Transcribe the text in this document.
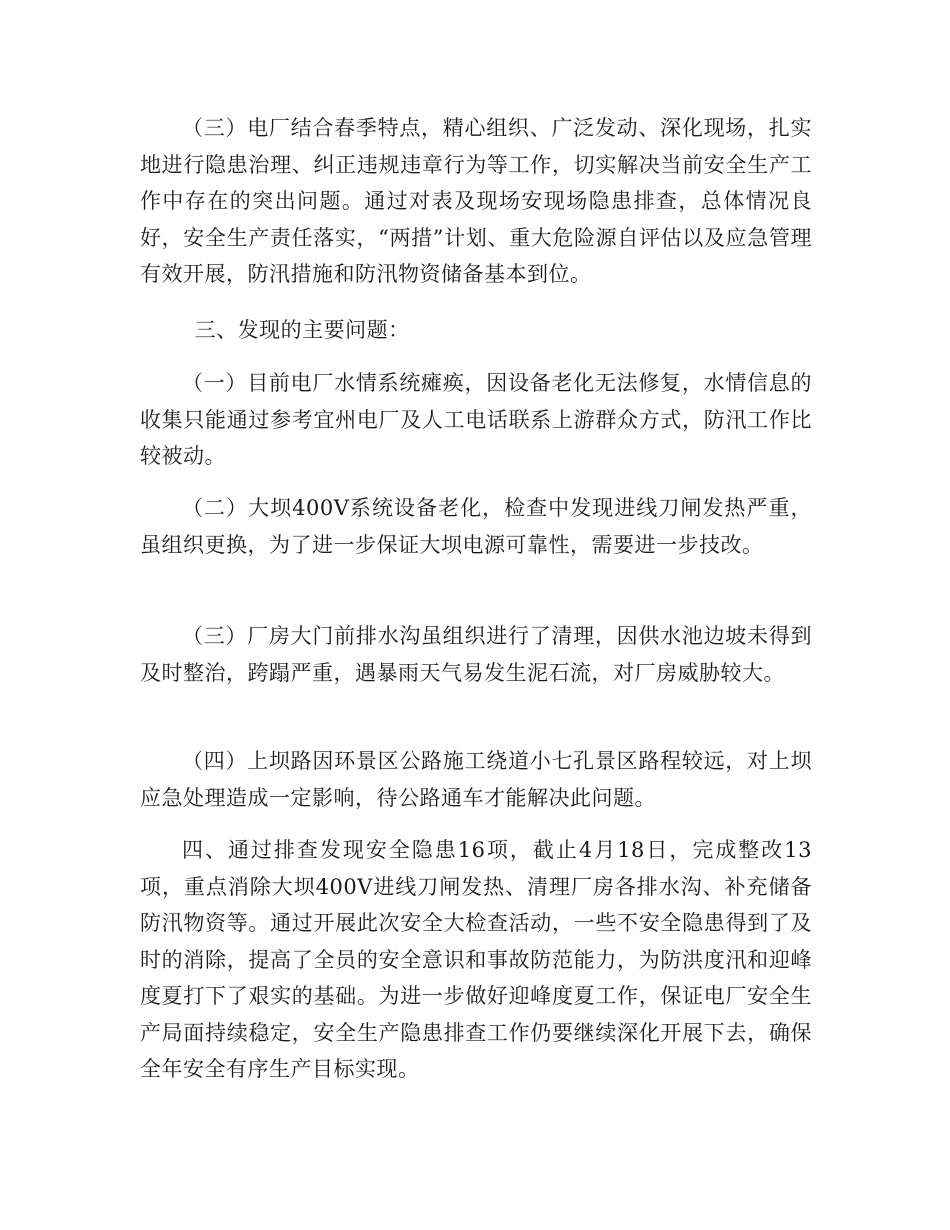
（三）电厂结合春季特点，精心组织、广泛发动、深化现场，扎实地进行隐患治理、纠正违规违章行为等工作，切实解决当前安全生产工作中存在的突出问题。通过对表及现场安现场隐患排查，总体情况良好，安全生产责任落实，“两措”计划、重大危险源自评估以及应急管理有效开展，防汛措施和防汛物资储备基本到位。

三、发现的主要问题：

（一）目前电厂水情系统瘫痪，因设备老化无法修复，水情信息的收集只能通过参考宜州电厂及人工电话联系上游群众方式，防汛工作比较被动。

（二）大坝400V系统设备老化，检查中发现进线刀闸发热严重，虽组织更换，为了进一步保证大坝电源可靠性，需要进一步技改。

（三）厂房大门前排水沟虽组织进行了清理，因供水池边坡未得到及时整治，跨蹋严重，遇暴雨天气易发生泥石流，对厂房威胁较大。

（四）上坝路因环景区公路施工绕道小七孔景区路程较远，对上坝应急处理造成一定影响，待公路通车才能解决此问题。

四、通过排查发现安全隐患16项，截止4月18日，完成整改13项，重点消除大坝400V进线刀闸发热、清理厂房各排水沟、补充储备防汛物资等。通过开展此次安全大检查活动，一些不安全隐患得到了及时的消除，提高了全员的安全意识和事故防范能力，为防洪度汛和迎峰度夏打下了艰实的基础。为进一步做好迎峰度夏工作，保证电厂安全生产局面持续稳定，安全生产隐患排查工作仍要继续深化开展下去，确保全年安全有序生产目标实现。
